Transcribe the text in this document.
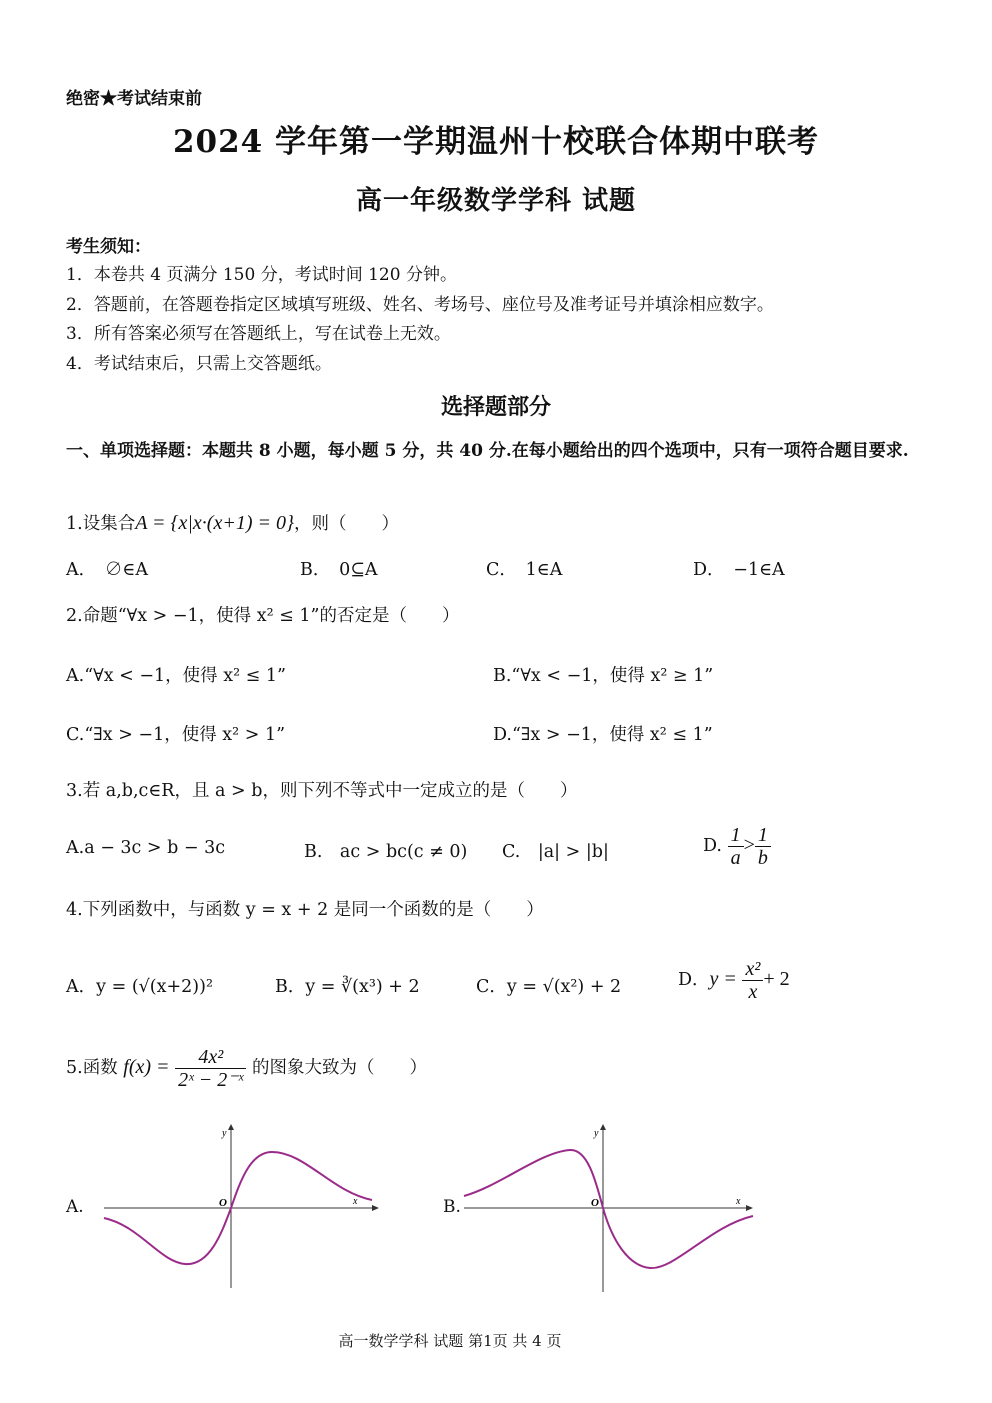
绝密★考试结束前
2024 学年第一学期温州十校联合体期中联考
高一年级数学学科 试题
考生须知：
1．本卷共 4 页满分 150 分，考试时间 120 分钟。
2．答题前，在答题卷指定区域填写班级、姓名、考场号、座位号及准考证号并填涂相应数字。
3．所有答案必须写在答题纸上，写在试卷上无效。
4．考试结束后，只需上交答题纸。
选择题部分
一、单项选择题：本题共 8 小题，每小题 5 分，共 40 分.在每小题给出的四个选项中，只有一项符合题目要求.
1.设集合A = {x|x·(x+1) = 0}，则（　　）
A．　∅∈A	B．　0⊆A	C．　1∈A	D．　−1∈A
2.命题“∀x > −1，使得 x² ≤ 1”的否定是（　　）
A.“∀x < −1，使得 x² ≤ 1”	B.“∀x < −1，使得 x² ≥ 1”
C.“∃x > −1，使得 x² > 1”	D.“∃x > −1，使得 x² ≤ 1”
3.若 a,b,c∈R，且 a > b，则下列不等式中一定成立的是（　　）
A.a − 3c > b − 3c	B.　ac > bc(c ≠ 0) C.　|a| > |b|	D. $\frac{1}{a} > \frac{1}{b}$
4.下列函数中，与函数 y = x + 2 是同一个函数的是（　　）
A．y = (√(x+2))²	B．y = ∛(x³) + 2	C．y = √(x²) + 2	D．$y = \frac{\text{x²}}{x} + 2$
5.函数 $f(x) = \frac{\text{4x²}}{\text{2ˣ − 2⁻ˣ}}$ 的图象大致为（　　）
A.	B.
x
y
O	x
y
O
高一数学学科 试题 第1页 共 4 页
